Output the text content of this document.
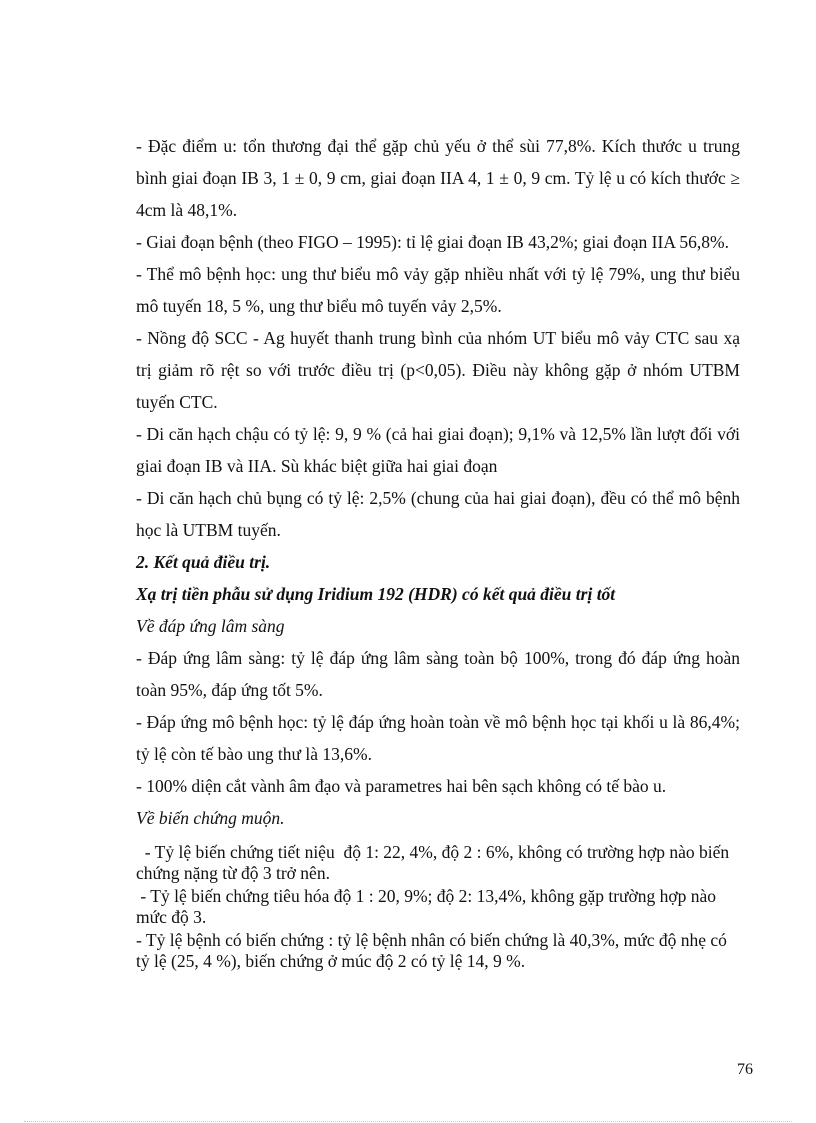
- Đặc điểm u: tổn thương đại thể gặp chủ yếu ở thể sùi 77,8%. Kích thước u trung bình giai đoạn IB 3, 1 ± 0, 9 cm, giai đoạn IIA 4, 1 ± 0, 9 cm. Tỷ lệ u có kích thước ≥ 4cm là 48,1%.

- Giai đoạn bệnh (theo FIGO – 1995): tỉ lệ giai đoạn IB 43,2%; giai đoạn IIA 56,8%.

- Thể mô bệnh học: ung thư biểu mô vảy gặp nhiều nhất với tỷ lệ 79%, ung thư biểu mô tuyến 18, 5 %, ung thư biểu mô tuyến vảy 2,5%.

- Nồng độ SCC - Ag huyết thanh trung bình của nhóm UT biểu mô vảy CTC sau xạ trị giảm rõ rệt so với trước điều trị (p<0,05). Điều này không gặp ở nhóm UTBM tuyến CTC.

- Di căn hạch chậu có tỷ lệ: 9, 9 % (cả hai giai đoạn); 9,1% và 12,5% lần lượt đối với giai đoạn IB và IIA. Sù khác biệt giữa hai giai đoạn

- Di căn hạch chủ bụng có tỷ lệ: 2,5% (chung của hai giai đoạn), đều có thể mô bệnh học là UTBM tuyến.

2. Kết quả điều trị.

Xạ trị tiền phẫu sử dụng Iridium 192 (HDR) có kết quả điều trị tốt

Về đáp ứng lâm sàng

- Đáp ứng lâm sàng: tỷ lệ đáp ứng lâm sàng toàn bộ 100%, trong đó đáp ứng hoàn toàn 95%, đáp ứng tốt 5%.

- Đáp ứng mô bệnh học: tỷ lệ đáp ứng hoàn toàn về mô bệnh học tại khối u là 86,4%; tỷ lệ còn tế bào ung thư là 13,6%.

- 100% diện cắt vành âm đạo và parametres hai bên sạch không có tế bào u.

Về biến chứng muộn.

- Tỷ lệ biến chứng tiết niệu  độ 1: 22, 4%, độ 2 : 6%, không có trường hợp nào biến chứng nặng từ độ 3 trở nên.

- Tỷ lệ biến chứng tiêu hóa độ 1 : 20, 9%; độ 2: 13,4%, không gặp trường hợp nào mức độ 3.

- Tỷ lệ bệnh có biến chứng : tỷ lệ bệnh nhân có biến chứng là 40,3%, mức độ nhẹ có tỷ lệ (25, 4 %), biến chứng ở múc độ 2 có tỷ lệ 14, 9 %.

76
